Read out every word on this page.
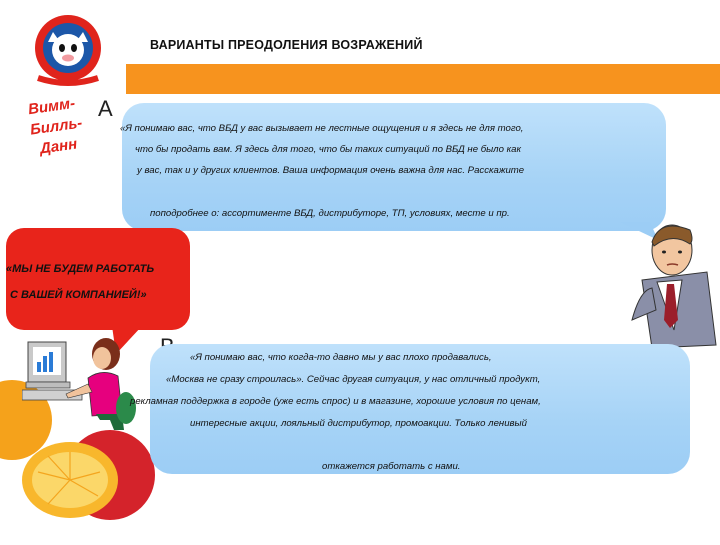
Вимм-
Билль-
Данн
ВАРИАНТЫ ПРЕОДОЛЕНИЯ ВОЗРАЖЕНИЙ
А
«Я понимаю вас, что ВБД у вас вызывает не лестные ощущения и я здесь не для того,
что бы продать вам. Я здесь для того, что бы таких ситуаций по ВБД не было как
у вас, так и у других клиентов. Ваша информация очень важна для нас. Расскажите
поподробнее о: ассортименте ВБД, дистрибуторе, ТП, условиях, месте и пр.
«МЫ НЕ БУДЕМ РАБОТАТЬ
С ВАШЕЙ КОМПАНИЕЙ!»
«Я понимаю вас, что когда-то давно мы у вас плохо продавались,
«Москва не сразу строилась». Сейчас другая ситуация, у нас отличный продукт,
рекламная поддержка в городе (уже есть спрос) и в магазине, хорошие условия по ценам,
интересные акции, лояльный дистрибутор, промоакции. Только ленивый
откажется работать с нами.
